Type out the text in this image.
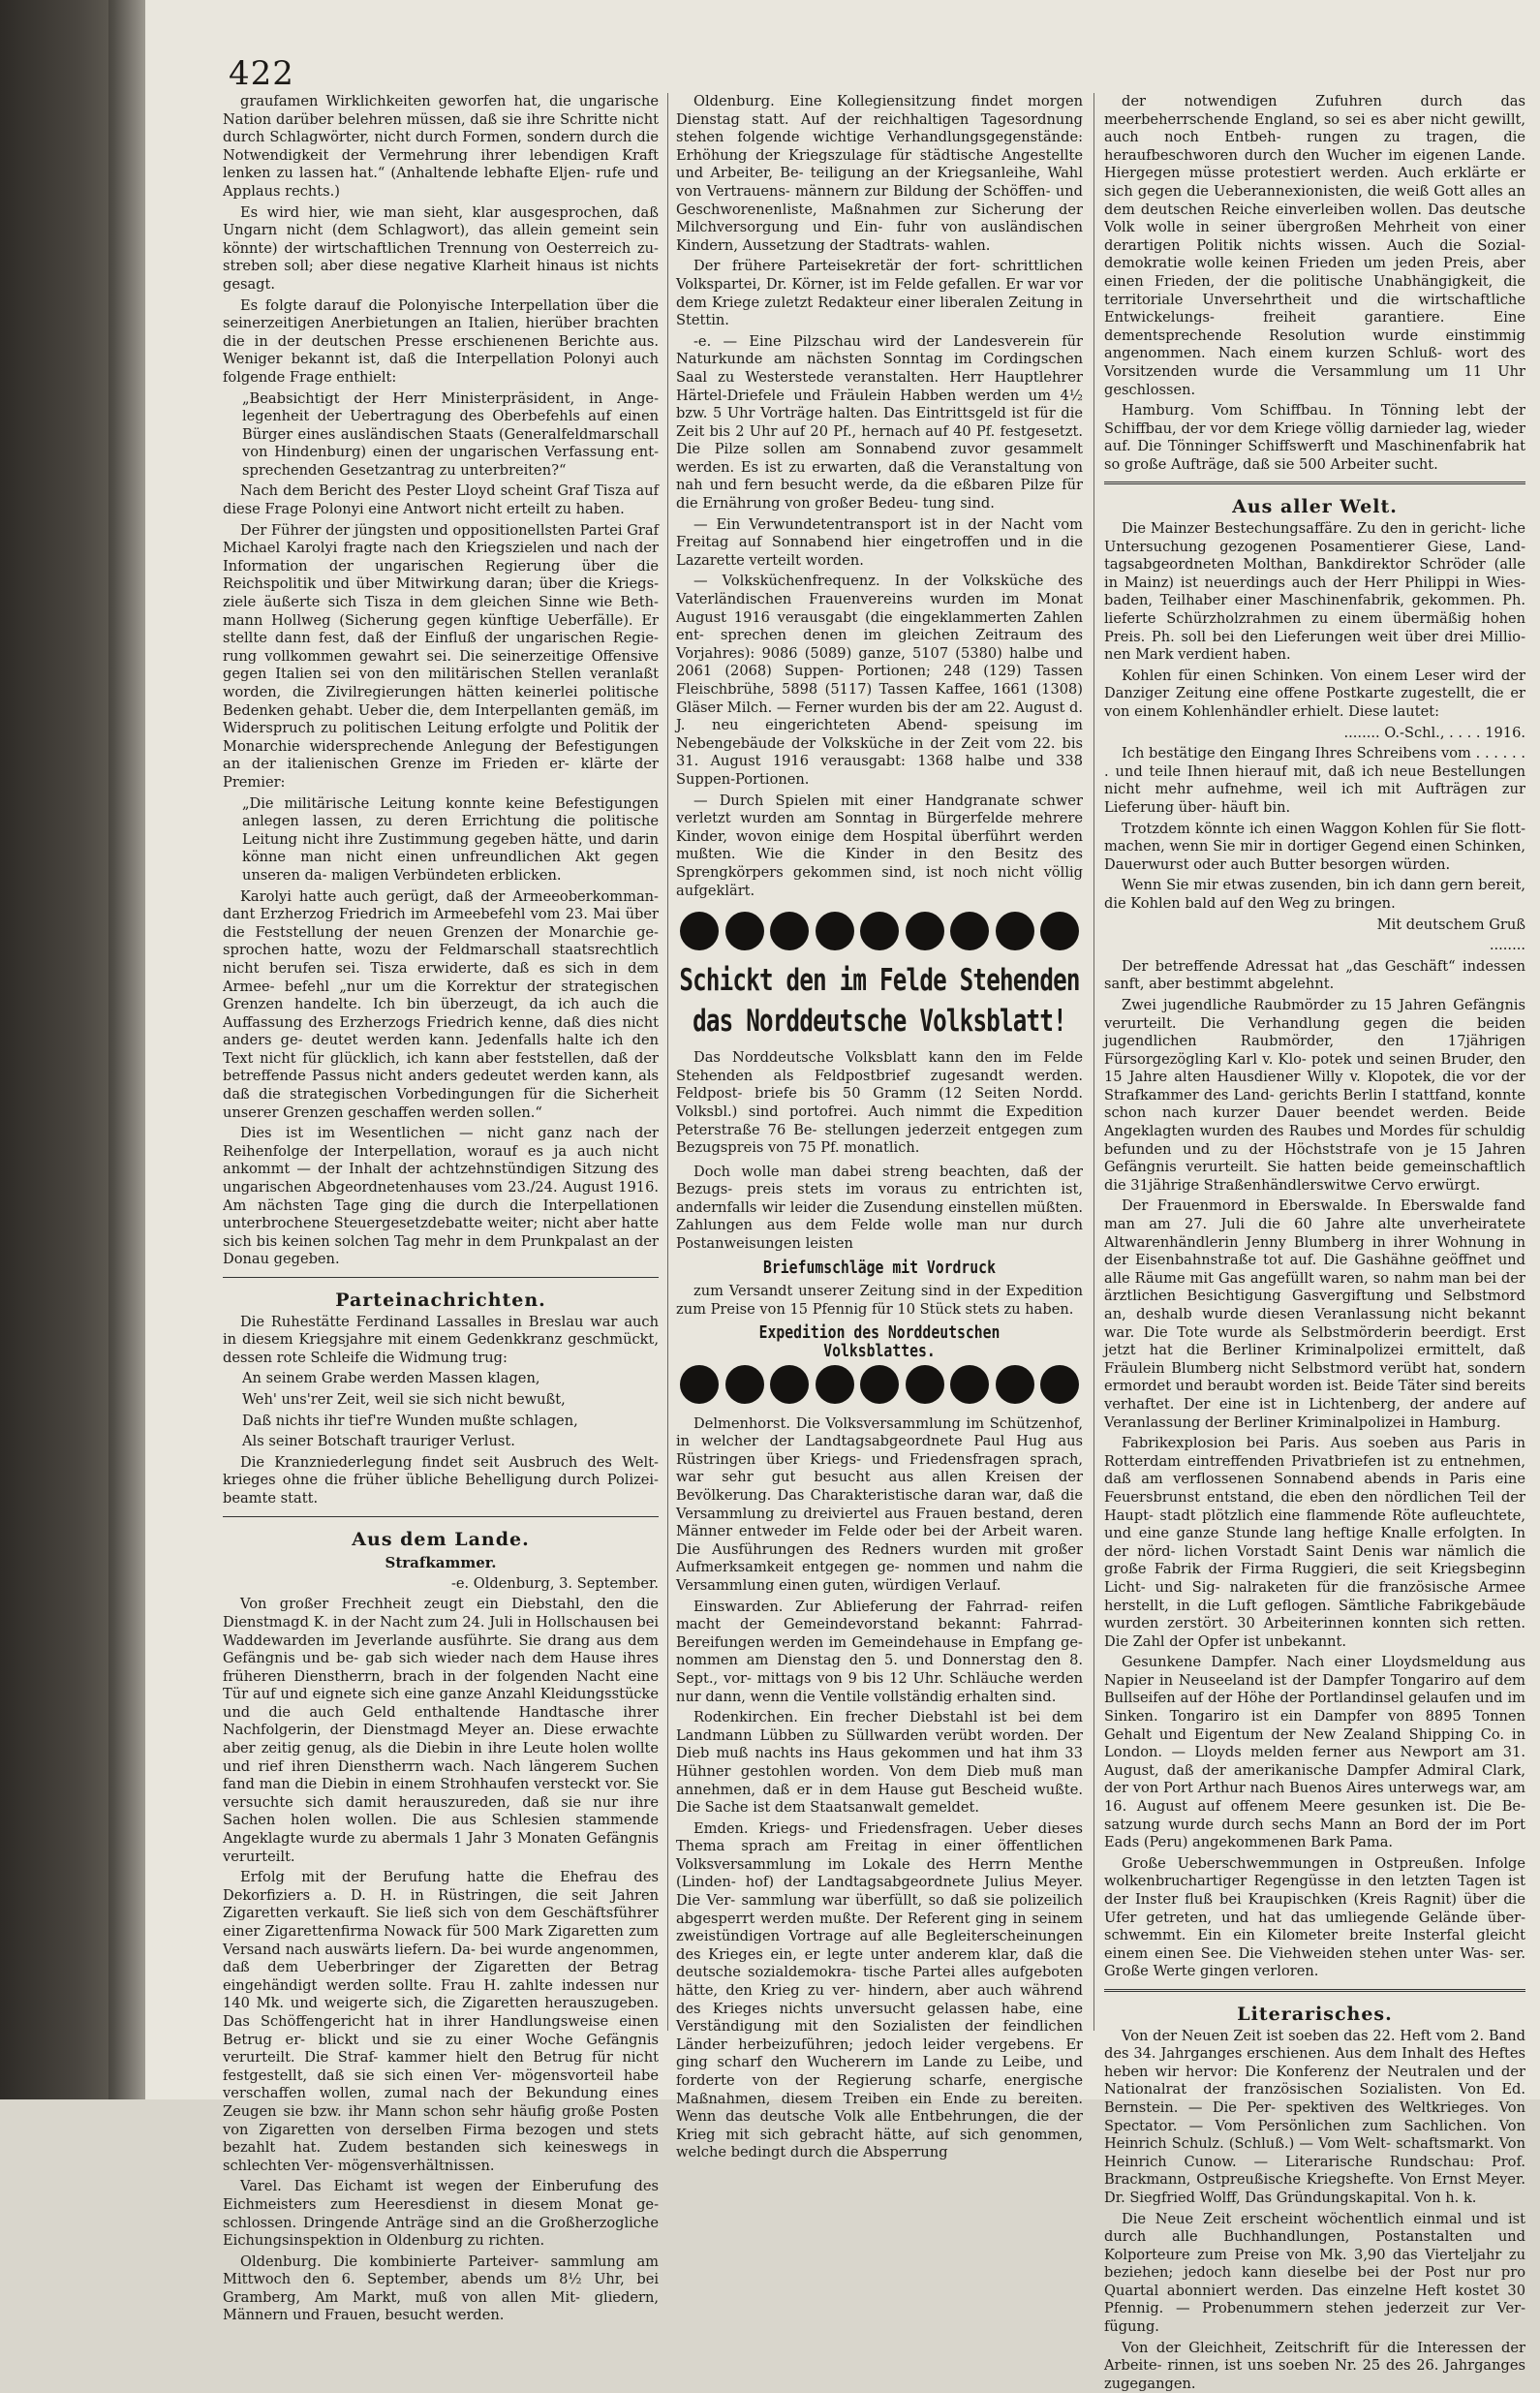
422

graufamen Wirklichkeiten geworfen hat, die ungarische Nation darüber belehren müssen, daß sie ihre Schritte nicht durch Schlagwörter, nicht durch Formen, sondern durch die Notwendigkeit der Vermehrung ihrer lebendigen Kraft lenken zu lassen hat.“ (Anhaltende lebhafte Eljen- rufe und Applaus rechts.)

Es wird hier, wie man sieht, klar ausgesprochen, daß Ungarn nicht (dem Schlagwort), das allein gemeint sein könnte) der wirtschaftlichen Trennung von Oesterreich zu- streben soll; aber diese negative Klarheit hinaus ist nichts gesagt.

Es folgte darauf die Polonyische Interpellation über die seinerzeitigen Anerbietungen an Italien, hierüber brachten die in der deutschen Presse erschienenen Berichte aus. Weniger bekannt ist, daß die Interpellation Polonyi auch folgende Frage enthielt:

„Beabsichtigt der Herr Ministerpräsident, in Ange- legenheit der Uebertragung des Oberbefehls auf einen Bürger eines ausländischen Staats (Generalfeldmarschall von Hindenburg) einen der ungarischen Verfassung ent- sprechenden Gesetzantrag zu unterbreiten?“

Nach dem Bericht des Pester Lloyd scheint Graf Tisza auf diese Frage Polonyi eine Antwort nicht erteilt zu haben.

Der Führer der jüngsten und oppositionellsten Partei Graf Michael Karolyi fragte nach den Kriegszielen und nach der Information der ungarischen Regierung über die Reichspolitik und über Mitwirkung daran; über die Kriegs- ziele äußerte sich Tisza in dem gleichen Sinne wie Beth- mann Hollweg (Sicherung gegen künftige Ueberfälle). Er stellte dann fest, daß der Einfluß der ungarischen Regie- rung vollkommen gewahrt sei. Die seinerzeitige Offensive gegen Italien sei von den militärischen Stellen veranlaßt worden, die Zivilregierungen hätten keinerlei politische Bedenken gehabt. Ueber die, dem Interpellanten gemäß, im Widerspruch zu politischen Leitung erfolgte und Politik der Monarchie widersprechende Anlegung der Befestigungen an der italienischen Grenze im Frieden er- klärte der Premier:

„Die militärische Leitung konnte keine Befestigungen anlegen lassen, zu deren Errichtung die politische Leitung nicht ihre Zustimmung gegeben hätte, und darin könne man nicht einen unfreundlichen Akt gegen unseren da- maligen Verbündeten erblicken.

Karolyi hatte auch gerügt, daß der Armeeoberkomman- dant Erzherzog Friedrich im Armeebefehl vom 23. Mai über die Feststellung der neuen Grenzen der Monarchie ge- sprochen hatte, wozu der Feldmarschall staatsrechtlich nicht berufen sei. Tisza erwiderte, daß es sich in dem Armee- befehl „nur um die Korrektur der strategischen Grenzen handelte. Ich bin überzeugt, da ich auch die Auffassung des Erzherzogs Friedrich kenne, daß dies nicht anders ge- deutet werden kann. Jedenfalls halte ich den Text nicht für glücklich, ich kann aber feststellen, daß der betreffende Passus nicht anders gedeutet werden kann, als daß die strategischen Vorbedingungen für die Sicherheit unserer Grenzen geschaffen werden sollen.“

Dies ist im Wesentlichen — nicht ganz nach der Reihenfolge der Interpellation, worauf es ja auch nicht ankommt — der Inhalt der achtzehnstündigen Sitzung des ungarischen Abgeordnetenhauses vom 23./24. August 1916. Am nächsten Tage ging die durch die Interpellationen unterbrochene Steuergesetzdebatte weiter; nicht aber hatte sich bis keinen solchen Tag mehr in dem Prunkpalast an der Donau gegeben.

Parteinachrichten.

Die Ruhestätte Ferdinand Lassalles in Breslau war auch in diesem Kriegsjahre mit einem Gedenkkranz geschmückt, dessen rote Schleife die Widmung trug:

An seinem Grabe werden Massen klagen,

Weh' uns'rer Zeit, weil sie sich nicht bewußt,

Daß nichts ihr tief're Wunden mußte schlagen,

Als seiner Botschaft trauriger Verlust.

Die Kranzniederlegung findet seit Ausbruch des Welt- krieges ohne die früher übliche Behelligung durch Polizei- beamte statt.

Aus dem Lande.
Strafkammer.

-e. Oldenburg, 3. September.

Von großer Frechheit zeugt ein Diebstahl, den die Dienstmagd K. in der Nacht zum 24. Juli in Hollschausen bei Waddewarden im Jeverlande ausführte. Sie drang aus dem Gefängnis und be- gab sich wieder nach dem Hause ihres früheren Dienstherrn, brach in der folgenden Nacht eine Tür auf und eignete sich eine ganze Anzahl Kleidungsstücke und die auch Geld enthaltende Handtasche ihrer Nachfolgerin, der Dienstmagd Meyer an. Diese erwachte aber zeitig genug, als die Diebin in ihre Leute holen wollte und rief ihren Dienstherrn wach. Nach längerem Suchen fand man die Diebin in einem Strohhaufen versteckt vor. Sie versuchte sich damit herauszureden, daß sie nur ihre Sachen holen wollen. Die aus Schlesien stammende Angeklagte wurde zu abermals 1 Jahr 3 Monaten Gefängnis verurteilt.

Erfolg mit der Berufung hatte die Ehefrau des Dekorfiziers a. D. H. in Rüstringen, die seit Jahren Zigaretten verkauft. Sie ließ sich von dem Geschäftsführer einer Zigarettenfirma Nowack für 500 Mark Zigaretten zum Versand nach auswärts liefern. Da- bei wurde angenommen, daß dem Ueberbringer der Zigaretten der Betrag eingehändigt werden sollte. Frau H. zahlte indessen nur 140 Mk. und weigerte sich, die Zigaretten herauszugeben. Das Schöffengericht hat in ihrer Handlungsweise einen Betrug er- blickt und sie zu einer Woche Gefängnis verurteilt. Die Straf- kammer hielt den Betrug für nicht festgestellt, daß sie sich einen Ver- mögensvorteil habe verschaffen wollen, zumal nach der Bekundung eines Zeugen sie bzw. ihr Mann schon sehr häufig große Posten von Zigaretten von derselben Firma bezogen und stets bezahlt hat. Zudem bestanden sich keineswegs in schlechten Ver- mögensverhältnissen.

Varel. Das Eichamt ist wegen der Einberufung des Eichmeisters zum Heeresdienst in diesem Monat ge- schlossen. Dringende Anträge sind an die Großherzogliche Eichungsinspektion in Oldenburg zu richten.

Oldenburg. Die kombinierte Parteiver- sammlung am Mittwoch den 6. September, abends um 8½ Uhr, bei Gramberg, Am Markt, muß von allen Mit- gliedern, Männern und Frauen, besucht werden.

Oldenburg. Eine Kollegiensitzung findet morgen Dienstag statt. Auf der reichhaltigen Tagesordnung stehen folgende wichtige Verhandlungsgegenstände: Erhöhung der Kriegszulage für städtische Angestellte und Arbeiter, Be- teiligung an der Kriegsanleihe, Wahl von Vertrauens- männern zur Bildung der Schöffen- und Geschworenenliste, Maßnahmen zur Sicherung der Milchversorgung und Ein- fuhr von ausländischen Kindern, Aussetzung der Stadtrats- wahlen.

Der frühere Parteisekretär der fort- schrittlichen Volkspartei, Dr. Körner, ist im Felde gefallen. Er war vor dem Kriege zuletzt Redakteur einer liberalen Zeitung in Stettin.

-e. — Eine Pilzschau wird der Landesverein für Naturkunde am nächsten Sonntag im Cordingschen Saal zu Westerstede veranstalten. Herr Hauptlehrer Härtel-Driefele und Fräulein Habben werden um 4½ bzw. 5 Uhr Vorträge halten. Das Eintrittsgeld ist für die Zeit bis 2 Uhr auf 20 Pf., hernach auf 40 Pf. festgesetzt. Die Pilze sollen am Sonnabend zuvor gesammelt werden. Es ist zu erwarten, daß die Veranstaltung von nah und fern besucht werde, da die eßbaren Pilze für die Ernährung von großer Bedeu- tung sind.

— Ein Verwundetentransport ist in der Nacht vom Freitag auf Sonnabend hier eingetroffen und in die Lazarette verteilt worden.

— Volksküchenfrequenz. In der Volksküche des Vaterländischen Frauenvereins wurden im Monat August 1916 verausgabt (die eingeklammerten Zahlen ent- sprechen denen im gleichen Zeitraum des Vorjahres): 9086 (5089) ganze, 5107 (5380) halbe und 2061 (2068) Suppen- Portionen; 248 (129) Tassen Fleischbrühe, 5898 (5117) Tassen Kaffee, 1661 (1308) Gläser Milch. — Ferner wurden bis der am 22. August d. J. neu eingerichteten Abend- speisung im Nebengebäude der Volksküche in der Zeit vom 22. bis 31. August 1916 verausgabt: 1368 halbe und 338 Suppen-Portionen.

— Durch Spielen mit einer Handgranate schwer verletzt wurden am Sonntag in Bürgerfelde mehrere Kinder, wovon einige dem Hospital überführt werden mußten. Wie die Kinder in den Besitz des Sprengkörpers gekommen sind, ist noch nicht völlig aufgeklärt.

Schickt den im Felde Stehenden das Norddeutsche Volksblatt!
Das Norddeutsche Volksblatt kann den im Felde Stehenden als Feldpostbrief zugesandt werden. Feldpost- briefe bis 50 Gramm (12 Seiten Nordd. Volksbl.) sind portofrei. Auch nimmt die Expedition Peterstraße 76 Be- stellungen jederzeit entgegen zum Bezugspreis von 75 Pf. monatlich.
Doch wolle man dabei streng beachten, daß der Bezugs- preis stets im voraus zu entrichten ist, andernfalls wir leider die Zusendung einstellen müßten. Zahlungen aus dem Felde wolle man nur durch Postanweisungen leisten
Briefumschläge mit Vordruck
zum Versandt unserer Zeitung sind in der Expedition zum Preise von 15 Pfennig für 10 Stück stets zu haben.
Expedition des Norddeutschen Volksblattes.

Delmenhorst. Die Volksversammlung im Schützenhof, in welcher der Landtagsabgeordnete Paul Hug aus Rüstringen über Kriegs- und Friedensfragen sprach, war sehr gut besucht aus allen Kreisen der Bevölkerung. Das Charakteristische daran war, daß die Versammlung zu dreiviertel aus Frauen bestand, deren Männer entweder im Felde oder bei der Arbeit waren. Die Ausführungen des Redners wurden mit großer Aufmerksamkeit entgegen ge- nommen und nahm die Versammlung einen guten, würdigen Verlauf.

Einswarden. Zur Ablieferung der Fahrrad- reifen macht der Gemeindevorstand bekannt: Fahrrad- Bereifungen werden im Gemeindehause in Empfang ge- nommen am Dienstag den 5. und Donnerstag den 8. Sept., vor- mittags von 9 bis 12 Uhr. Schläuche werden nur dann, wenn die Ventile vollständig erhalten sind.

Rodenkirchen. Ein frecher Diebstahl ist bei dem Landmann Lübben zu Süllwarden verübt worden. Der Dieb muß nachts ins Haus gekommen und hat ihm 33 Hühner gestohlen worden. Von dem Dieb muß man annehmen, daß er in dem Hause gut Bescheid wußte. Die Sache ist dem Staatsanwalt gemeldet.

Emden. Kriegs- und Friedensfragen. Ueber dieses Thema sprach am Freitag in einer öffentlichen Volksversammlung im Lokale des Herrn Menthe (Linden- hof) der Landtagsabgeordnete Julius Meyer. Die Ver- sammlung war überfüllt, so daß sie polizeilich abgesperrt werden mußte. Der Referent ging in seinem zweistündigen Vortrage auf alle Begleiterscheinungen des Krieges ein, er legte unter anderem klar, daß die deutsche sozialdemokra- tische Partei alles aufgeboten hätte, den Krieg zu ver- hindern, aber auch während des Krieges nichts unversucht gelassen habe, eine Verständigung mit den Sozialisten der feindlichen Länder herbeizuführen; jedoch leider vergebens. Er ging scharf den Wucherern im Lande zu Leibe, und forderte von der Regierung scharfe, energische Maßnahmen, diesem Treiben ein Ende zu bereiten. Wenn das deutsche Volk alle Entbehrungen, die der Krieg mit sich gebracht hätte, auf sich genommen, welche bedingt durch die Absperrung

der notwendigen Zufuhren durch das meerbeherrschende England, so sei es aber nicht gewillt, auch noch Entbeh- rungen zu tragen, die heraufbeschworen durch den Wucher im eigenen Lande. Hiergegen müsse protestiert werden. Auch erklärte er sich gegen die Ueberannexionisten, die weiß Gott alles an dem deutschen Reiche einverleiben wollen. Das deutsche Volk wolle in seiner übergroßen Mehrheit von einer derartigen Politik nichts wissen. Auch die Sozial- demokratie wolle keinen Frieden um jeden Preis, aber einen Frieden, der die politische Unabhängigkeit, die territoriale Unversehrtheit und die wirtschaftliche Entwickelungs- freiheit garantiere. Eine dementsprechende Resolution wurde einstimmig angenommen. Nach einem kurzen Schluß- wort des Vorsitzenden wurde die Versammlung um 11 Uhr geschlossen.

Hamburg. Vom Schiffbau. In Tönning lebt der Schiffbau, der vor dem Kriege völlig darnieder lag, wieder auf. Die Tönninger Schiffswerft und Maschinenfabrik hat so große Aufträge, daß sie 500 Arbeiter sucht.

Aus aller Welt.

Die Mainzer Bestechungsaffäre. Zu den in gericht- liche Untersuchung gezogenen Posamentierer Giese, Land- tagsabgeordneten Molthan, Bankdirektor Schröder (alle in Mainz) ist neuerdings auch der Herr Philippi in Wies- baden, Teilhaber einer Maschinenfabrik, gekommen. Ph. lieferte Schürzholzrahmen zu einem übermäßig hohen Preis. Ph. soll bei den Lieferungen weit über drei Millio- nen Mark verdient haben.

Kohlen für einen Schinken. Von einem Leser wird der Danziger Zeitung eine offene Postkarte zugestellt, die er von einem Kohlenhändler erhielt. Diese lautet:

........ O.-Schl., . . . . 1916.

Ich bestätige den Eingang Ihres Schreibens vom . . . . . . . und teile Ihnen hierauf mit, daß ich neue Bestellungen nicht mehr aufnehme, weil ich mit Aufträgen zur Lieferung über- häuft bin.

Trotzdem könnte ich einen Waggon Kohlen für Sie flott- machen, wenn Sie mir in dortiger Gegend einen Schinken, Dauerwurst oder auch Butter besorgen würden.

Wenn Sie mir etwas zusenden, bin ich dann gern bereit, die Kohlen bald auf den Weg zu bringen.

Mit deutschem Gruß

........

Der betreffende Adressat hat „das Geschäft“ indessen sanft, aber bestimmt abgelehnt.

Zwei jugendliche Raubmörder zu 15 Jahren Gefängnis verurteilt. Die Verhandlung gegen die beiden jugendlichen Raubmörder, den 17jährigen Fürsorgezögling Karl v. Klo- potek und seinen Bruder, den 15 Jahre alten Hausdiener Willy v. Klopotek, die vor der Strafkammer des Land- gerichts Berlin I stattfand, konnte schon nach kurzer Dauer beendet werden. Beide Angeklagten wurden des Raubes und Mordes für schuldig befunden und zu der Höchststrafe von je 15 Jahren Gefängnis verurteilt. Sie hatten beide gemeinschaftlich die 31jährige Straßenhändlerswitwe Cervo erwürgt.

Der Frauenmord in Eberswalde. In Eberswalde fand man am 27. Juli die 60 Jahre alte unverheiratete Altwarenhändlerin Jenny Blumberg in ihrer Wohnung in der Eisenbahnstraße tot auf. Die Gashähne geöffnet und alle Räume mit Gas angefüllt waren, so nahm man bei der ärztlichen Besichtigung Gasvergiftung und Selbstmord an, deshalb wurde diesen Veranlassung nicht bekannt war. Die Tote wurde als Selbstmörderin beerdigt. Erst jetzt hat die Berliner Kriminalpolizei ermittelt, daß Fräulein Blumberg nicht Selbstmord verübt hat, sondern ermordet und beraubt worden ist. Beide Täter sind bereits verhaftet. Der eine ist in Lichtenberg, der andere auf Veranlassung der Berliner Kriminalpolizei in Hamburg.

Fabrikexplosion bei Paris. Aus soeben aus Paris in Rotterdam eintreffenden Privatbriefen ist zu entnehmen, daß am verflossenen Sonnabend abends in Paris eine Feuersbrunst entstand, die eben den nördlichen Teil der Haupt- stadt plötzlich eine flammende Röte aufleuchtete, und eine ganze Stunde lang heftige Knalle erfolgten. In der nörd- lichen Vorstadt Saint Denis war nämlich die große Fabrik der Firma Ruggieri, die seit Kriegsbeginn Licht- und Sig- nalraketen für die französische Armee herstellt, in die Luft geflogen. Sämtliche Fabrikgebäude wurden zerstört. 30 Arbeiterinnen konnten sich retten. Die Zahl der Opfer ist unbekannt.

Gesunkene Dampfer. Nach einer Lloydsmeldung aus Napier in Neuseeland ist der Dampfer Tongariro auf dem Bullseifen auf der Höhe der Portlandinsel gelaufen und im Sinken. Tongariro ist ein Dampfer von 8895 Tonnen Gehalt und Eigentum der New Zealand Shipping Co. in London. — Lloyds melden ferner aus Newport am 31. August, daß der amerikanische Dampfer Admiral Clark, der von Port Arthur nach Buenos Aires unterwegs war, am 16. August auf offenem Meere gesunken ist. Die Be- satzung wurde durch sechs Mann an Bord der im Port Eads (Peru) angekommenen Bark Pama.

Große Ueberschwemmungen in Ostpreußen. Infolge wolkenbruchartiger Regengüsse in den letzten Tagen ist der Inster fluß bei Kraupischken (Kreis Ragnit) über die Ufer getreten, und hat das umliegende Gelände über- schwemmt. Ein ein Kilometer breite Insterfal gleicht einem einen See. Die Viehweiden stehen unter Was- ser. Große Werte gingen verloren.

Literarisches.

Von der Neuen Zeit ist soeben das 22. Heft vom 2. Band des 34. Jahrganges erschienen. Aus dem Inhalt des Heftes heben wir hervor: Die Konferenz der Neutralen und der Nationalrat der französischen Sozialisten. Von Ed. Bernstein. — Die Per- spektiven des Weltkrieges. Von Spectator. — Vom Persönlichen zum Sachlichen. Von Heinrich Schulz. (Schluß.) — Vom Welt- schaftsmarkt. Von Heinrich Cunow. — Literarische Rundschau: Prof. Brackmann, Ostpreußische Kriegshefte. Von Ernst Meyer. Dr. Siegfried Wolff, Das Gründungskapital. Von h. k.

Die Neue Zeit erscheint wöchentlich einmal und ist durch alle Buchhandlungen, Postanstalten und Kolporteure zum Preise von Mk. 3,90 das Vierteljahr zu beziehen; jedoch kann dieselbe bei der Post nur pro Quartal abonniert werden. Das einzelne Heft kostet 30 Pfennig. — Probenummern stehen jederzeit zur Ver- fügung.

Von der Gleichheit, Zeitschrift für die Interessen der Arbeite- rinnen, ist uns soeben Nr. 25 des 26. Jahrganges zugegangen.
